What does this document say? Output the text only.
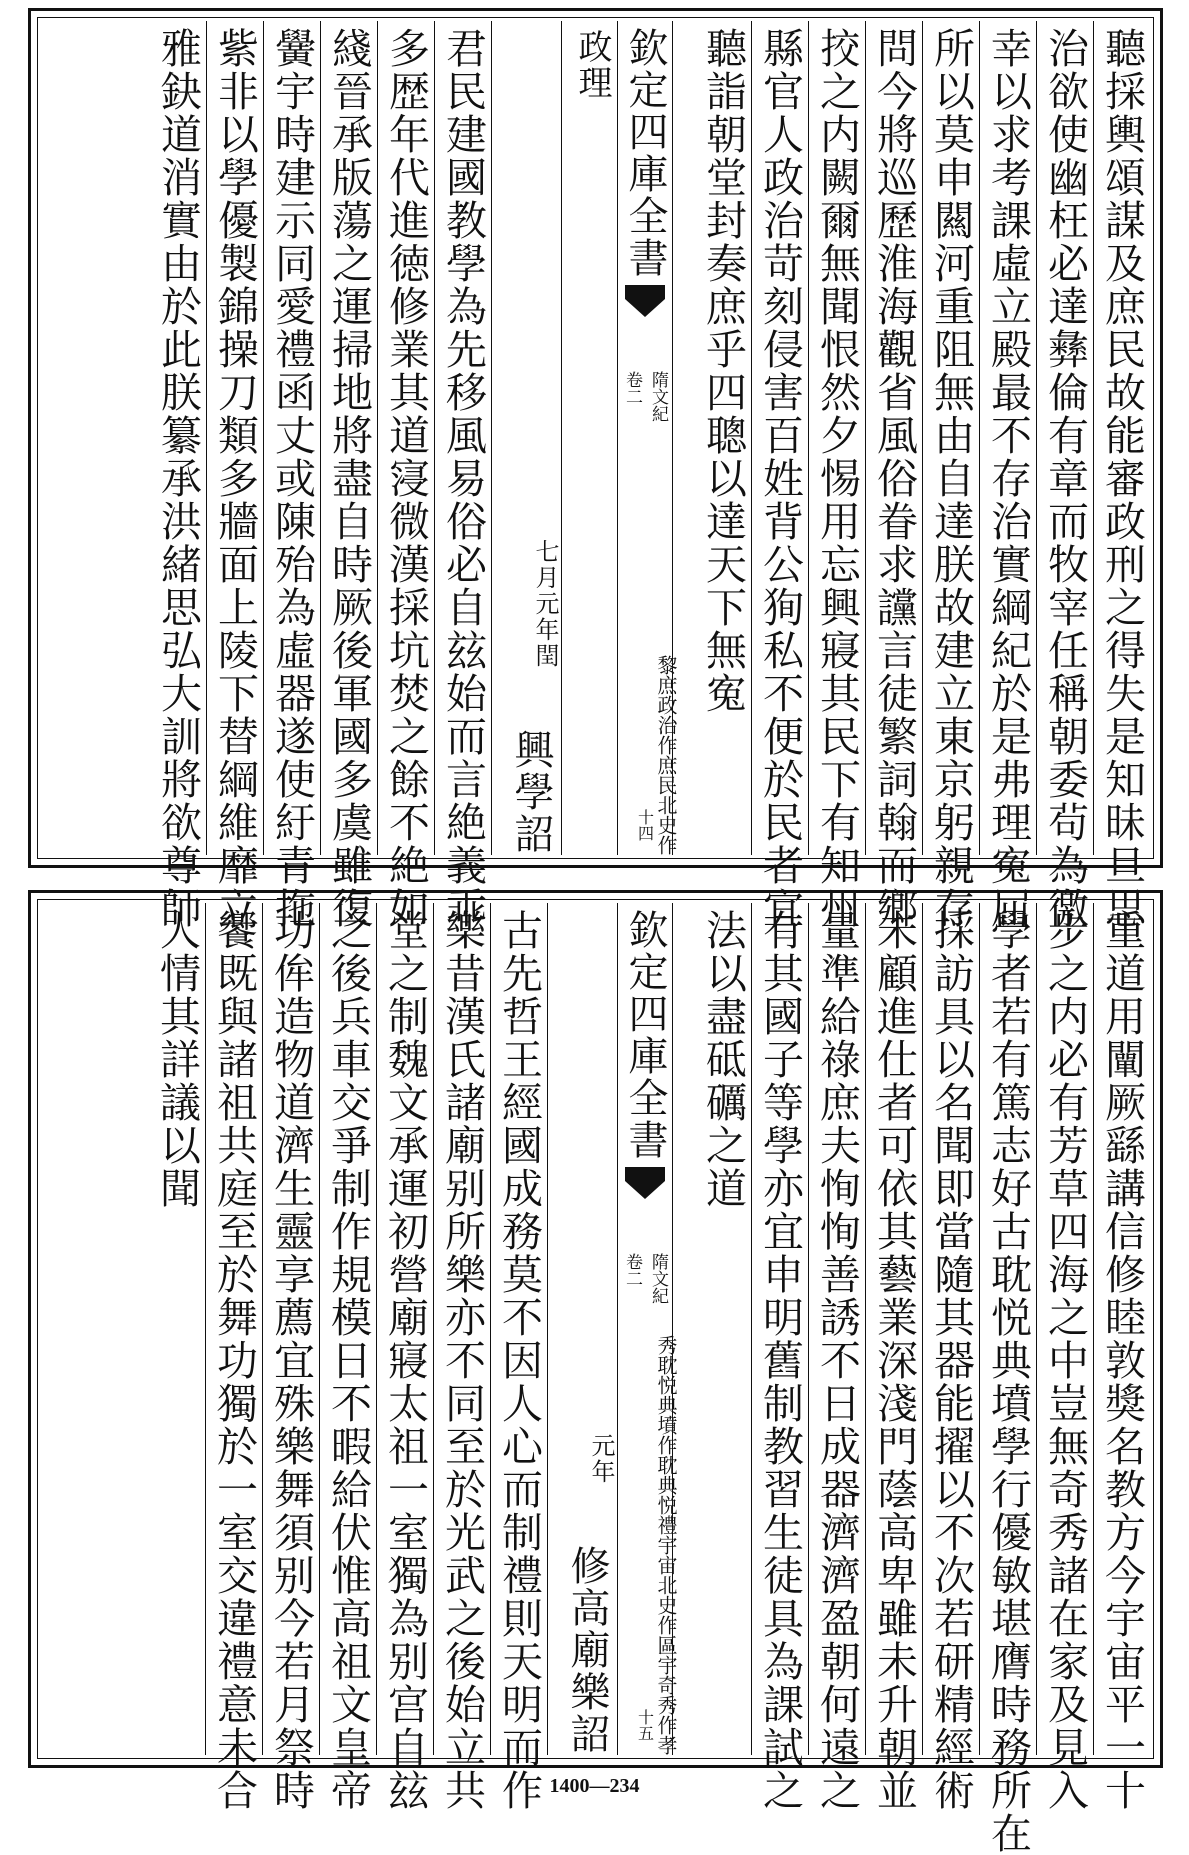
聽採輿頌謀及庶民故能審政刑之得失是知昧旦思
治欲使幽枉必達彝倫有章而牧宰任稱朝委茍為徼
幸以求考課虛立殿最不存治實綱紀於是弗理寃屈
所以莫申闗河重阻無由自達朕故建立東京躬親存
問今將巡歷淮海觀省風俗眷求讜言徒繁詞翰而鄉
挍之内闕爾無聞恨然夕惕用忘興寢其民下有知州
縣官人政治苛刻侵害百姓背公狥私不便於民者宜
聽詣朝堂封奏庶乎四聰以達天下無寃
庶民北史作
黎庶政治作
欽定四庫全書
隋文紀
卷二
十四
政理
興學詔
元年閏
七月
君民建國教學為先移風易俗必自玆始而言絶義乖
多歴年代進徳修業其道寖微漢採坑焚之餘不絶如
綫晉承版蕩之運掃地將盡自時厥後軍國多虞雖復
黌宇時建示同愛禮函丈或陳殆為虛器遂使紆青拖
紫非以學優製錦操刀類多牆面上陵下替綱維靡立
雅鈌道消實由於此朕纂承洪緒思弘大訓將欲尊師
重道用闡厥繇講信修睦敦獎名教方今宇宙平一十
步之内必有芳草四海之中豈無奇秀諸在家及見入
學者若有篤志好古耽悦典墳學行優敏堪膺時務所在
採訪具以名聞即當隨其器能擢以不次若研精經術
未顧進仕者可依其藝業深淺門蔭高卑雖未升朝並
量準給祿庶夫恂恂善誘不日成器濟濟盈朝何遠之
有其國子等學亦宜申明舊制教習生徒具為課試之
法以盡砥礪之道
宇宙北史作區宇奇秀作孝
秀耽悦典墳作耽典悦禮
欽定四庫全書
隋文紀
卷二
十五
修高廟樂詔
元年
古先哲王經國成務莫不因人心而制禮則天明而作
樂昔漢氏諸廟别所樂亦不同至於光武之後始立共
堂之制魏文承運初營廟寢太祖一室獨為别宫自玆
之後兵車交爭制作規模日不暇給伏惟高祖文皇帝
功侔造物道濟生靈享薦宜殊樂舞須别今若月祭時
饗既與諸祖共庭至於舞功獨於一室交違禮意未合
人情其詳議以聞
1400—234
